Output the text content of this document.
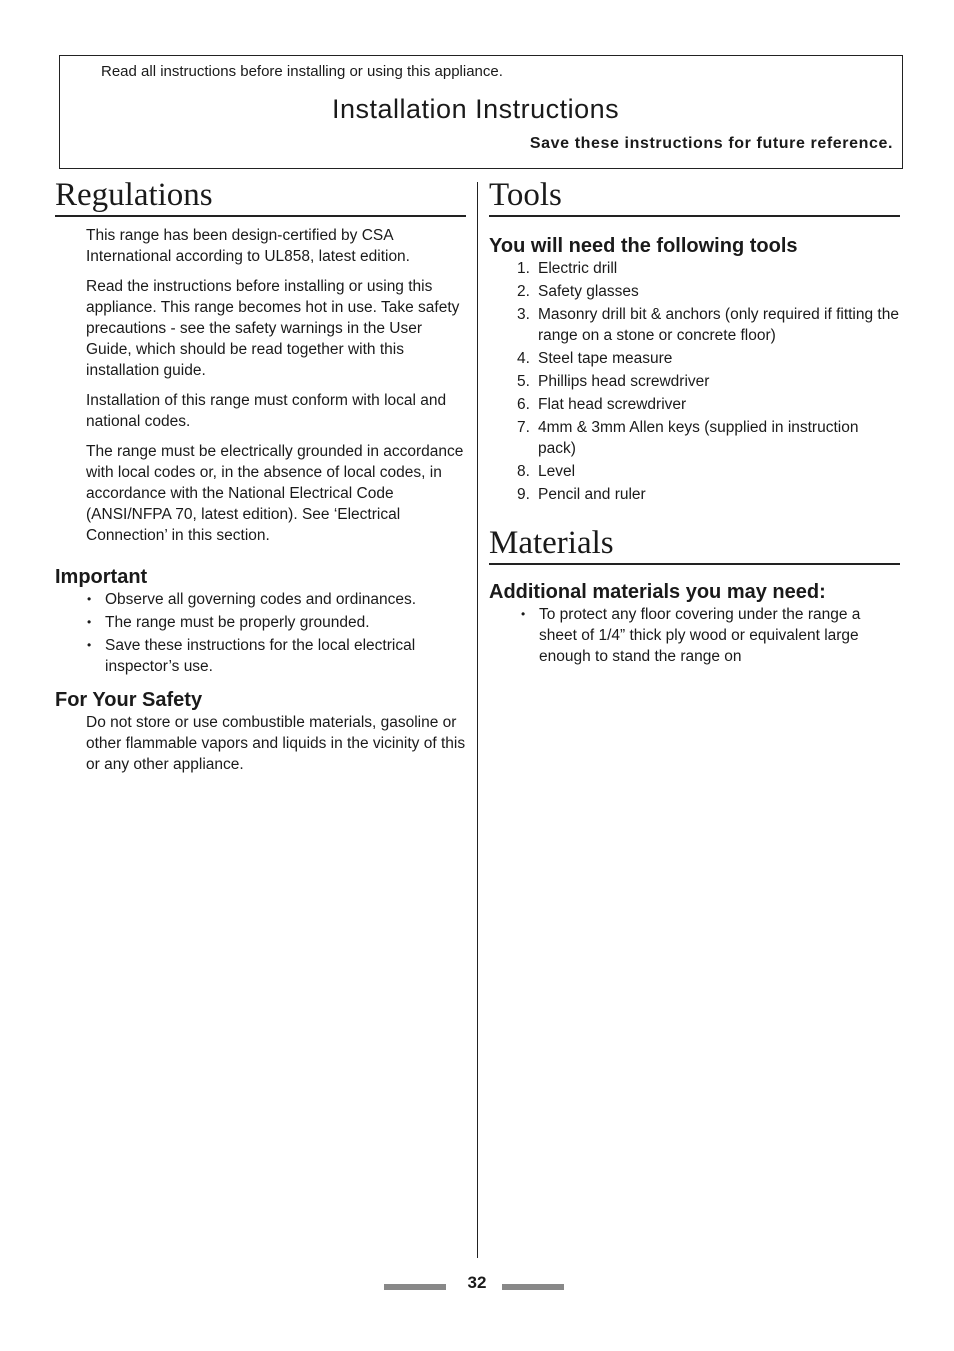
Read all instructions before installing or using this appliance.
Installation Instructions
Save these instructions for future reference.
Regulations

This range has been design-certified by CSA International according to UL858, latest edition.

Read the instructions before installing or using this appliance. This range becomes hot in use. Take safety precautions - see the safety warnings in the User Guide, which should be read together with this installation guide.

Installation of this range must conform with local and national codes.

The range must be electrically grounded in accordance with local codes or, in the absence of local codes, in accordance with the National Electrical Code (ANSI/NFPA 70, latest edition). See ‘Electrical Connection’ in this section.

Important
• Observe all governing codes and ordinances.
• The range must be properly grounded.
• Save these instructions for the local electrical inspector’s use.
For Your Safety

Do not store or use combustible materials, gasoline or other flammable vapors and liquids in the vicinity of this or any other appliance.

Tools
You will need the following tools
1. Electric drill
2. Safety glasses
3. Masonry drill bit & anchors (only required if fitting the range on a stone or concrete floor)
4. Steel tape measure
5. Phillips head screwdriver
6. Flat head screwdriver
7. 4mm & 3mm Allen keys (supplied in instruction pack)
8. Level
9. Pencil and ruler
Materials
Additional materials you may need:
• To protect any floor covering under the range a sheet of 1/4” thick ply wood or equivalent large enough to stand the range on
32
